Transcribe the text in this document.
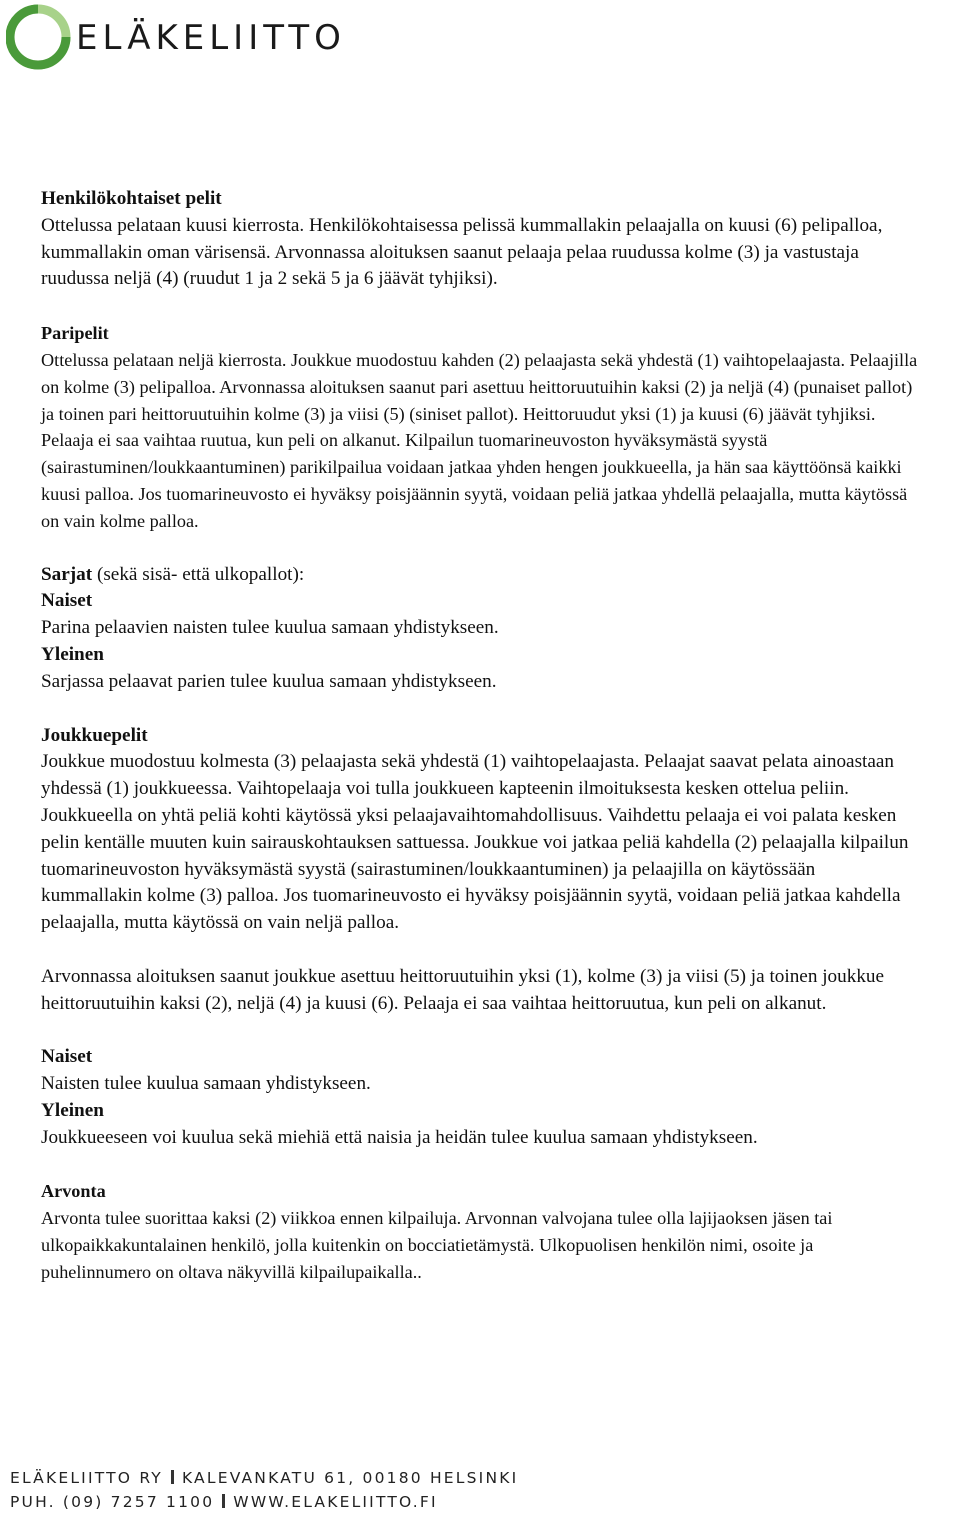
ELÄKELIITTO
Henkilökohtaiset pelit
Ottelussa pelataan kuusi kierrosta. Henkilökohtaisessa pelissä kummallakin pelaajalla on kuusi (6) pelipalloa, kummallakin oman värisensä. Arvonnassa aloituksen saanut pelaaja pelaa ruudussa kolme (3) ja vastustaja ruudussa neljä (4) (ruudut 1 ja 2 sekä 5 ja 6 jäävät tyhjiksi).
Paripelit
Ottelussa pelataan neljä kierrosta. Joukkue muodostuu kahden (2) pelaajasta sekä yhdestä (1) vaihtopelaajasta. Pelaajilla on kolme (3) pelipalloa. Arvonnassa aloituksen saanut pari asettuu heittoruutuihin kaksi (2) ja neljä (4) (punaiset pallot) ja toinen pari heittoruutuihin kolme (3) ja viisi (5) (siniset pallot). Heittoruudut yksi (1) ja kuusi (6) jäävät tyhjiksi. Pelaaja ei saa vaihtaa ruutua, kun peli on alkanut. Kilpailun tuomarineuvoston hyväksymästä syystä (sairastuminen/loukkaantuminen) parikilpailua voidaan jatkaa yhden hengen joukkueella, ja hän saa käyttöönsä kaikki kuusi palloa. Jos tuomarineuvosto ei hyväksy poisjäännin syytä, voidaan peliä jatkaa yhdellä pelaajalla, mutta käytössä on vain kolme palloa.
Sarjat (sekä sisä- että ulkopallot):
Naiset
Parina pelaavien naisten tulee kuulua samaan yhdistykseen.
Yleinen
Sarjassa pelaavat parien tulee kuulua samaan yhdistykseen.
Joukkuepelit
Joukkue muodostuu kolmesta (3) pelaajasta sekä yhdestä (1) vaihtopelaajasta. Pelaajat saavat pelata ainoastaan yhdessä (1) joukkueessa. Vaihtopelaaja voi tulla joukkueen kapteenin ilmoituksesta kesken ottelua peliin. Joukkueella on yhtä peliä kohti käytössä yksi pelaajavaihtomahdollisuus. Vaihdettu pelaaja ei voi palata kesken pelin kentälle muuten kuin sairauskohtauksen sattuessa. Joukkue voi jatkaa peliä kahdella (2) pelaajalla kilpailun tuomarineuvoston hyväksymästä syystä (sairastuminen/loukkaantuminen) ja pelaajilla on käytössään kummallakin kolme (3) palloa. Jos tuomarineuvosto ei hyväksy poisjäännin syytä, voidaan peliä jatkaa kahdella pelaajalla, mutta käytössä on vain neljä palloa.
Arvonnassa aloituksen saanut joukkue asettuu heittoruutuihin yksi (1), kolme (3) ja viisi (5) ja toinen joukkue heittoruutuihin kaksi (2), neljä (4) ja kuusi (6). Pelaaja ei saa vaihtaa heittoruutua, kun peli on alkanut.
Naiset
Naisten tulee kuulua samaan yhdistykseen.
Yleinen
Joukkueeseen voi kuulua sekä miehiä että naisia ja heidän tulee kuulua samaan yhdistykseen.
Arvonta
Arvonta tulee suorittaa kaksi (2) viikkoa ennen kilpailuja. Arvonnan valvojana tulee olla lajijaoksen jäsen tai ulkopaikkakuntalainen henkilö, jolla kuitenkin on bocciatietämystä. Ulkopuolisen henkilön nimi, osoite ja puhelinnumero on oltava näkyvillä kilpailupaikalla..
ELÄKELIITTO RY KALEVANKATU 61, 00180 HELSINKI
PUH. (09) 7257 1100 WWW.ELAKELIITTO.FI
